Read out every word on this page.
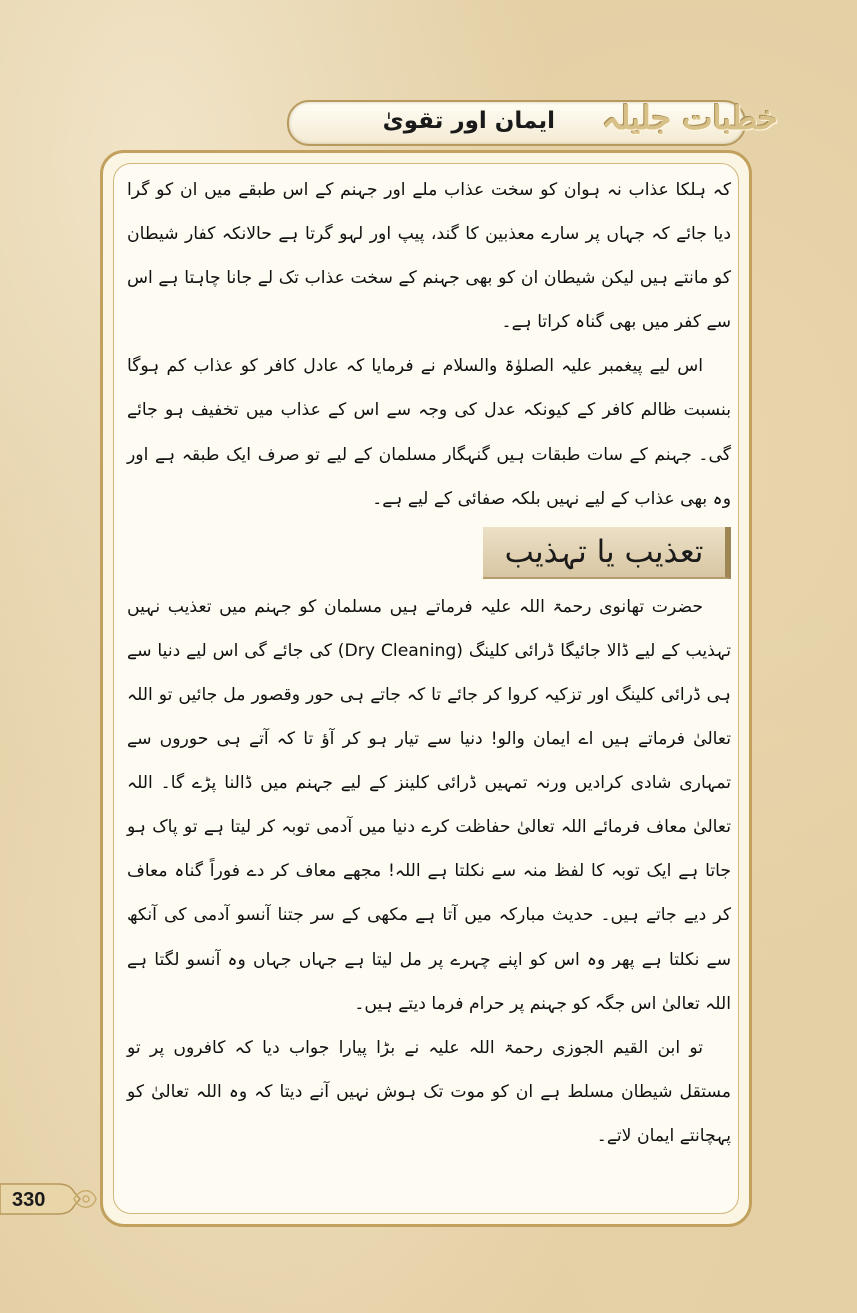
ایمان اور تقویٰ	خطبات جلیلہ

کہ ہلکا عذاب نہ ہوان کو سخت عذاب ملے اور جہنم کے اس طبقے میں ان کو گرا دیا جائے کہ جہاں پر سارے معذبین کا گند، پیپ اور لہو گرتا ہے حالانکہ کفار شیطان کو مانتے ہیں لیکن شیطان ان کو بھی جہنم کے سخت عذاب تک لے جانا چاہتا ہے اس سے کفر میں بھی گناہ کراتا ہے۔

اس لیے پیغمبر علیہ الصلوٰۃ والسلام نے فرمایا کہ عادل کافر کو عذاب کم ہوگا بنسبت ظالم کافر کے کیونکہ عدل کی وجہ سے اس کے عذاب میں تخفیف ہو جائے گی۔ جہنم کے سات طبقات ہیں گنہگار مسلمان کے لیے تو صرف ایک طبقہ ہے اور وہ بھی عذاب کے لیے نہیں بلکہ صفائی کے لیے ہے۔

تعذیب یا تہذیب

حضرت تھانوی رحمۃ اللہ علیہ فرماتے ہیں مسلمان کو جہنم میں تعذیب نہیں تہذیب کے لیے ڈالا جائیگا ڈرائی کلینگ (Dry Cleaning) کی جائے گی اس لیے دنیا سے ہی ڈرائی کلینگ اور تزکیہ کروا کر جائے تا کہ جاتے ہی حور وقصور مل جائیں تو اللہ تعالیٰ فرماتے ہیں اے ایمان والو! دنیا سے تیار ہو کر آؤ تا کہ آتے ہی حوروں سے تمہاری شادی کرادیں ورنہ تمہیں ڈرائی کلینز کے لیے جہنم میں ڈالنا پڑے گا۔ اللہ تعالیٰ معاف فرمائے اللہ تعالیٰ حفاظت کرے دنیا میں آدمی توبہ کر لیتا ہے تو پاک ہو جاتا ہے ایک توبہ کا لفظ منہ سے نکلتا ہے اللہ! مجھے معاف کر دے فوراً گناہ معاف کر دیے جاتے ہیں۔ حدیث مبارکہ میں آتا ہے مکھی کے سر جتنا آنسو آدمی کی آنکھ سے نکلتا ہے پھر وہ اس کو اپنے چہرے پر مل لیتا ہے جہاں جہاں وہ آنسو لگتا ہے اللہ تعالیٰ اس جگہ کو جہنم پر حرام فرما دیتے ہیں۔

تو ابن القیم الجوزی رحمۃ اللہ علیہ نے بڑا پیارا جواب دیا کہ کافروں پر تو مستقل شیطان مسلط ہے ان کو موت تک ہوش نہیں آنے دیتا کہ وہ اللہ تعالیٰ کو پہچانتے ایمان لاتے۔

330
